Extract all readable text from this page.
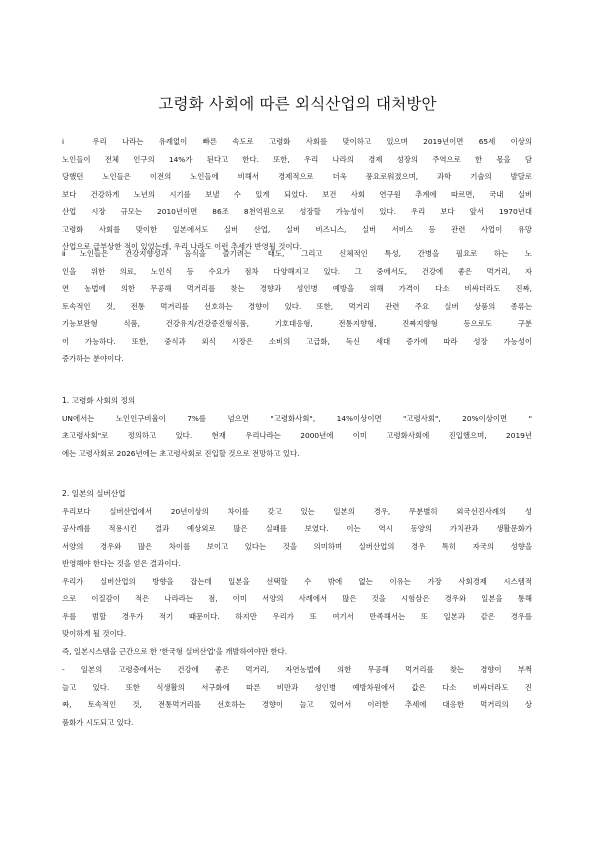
고령화 사회에 따른 외식산업의 대처방안
ⅰ 우리 나라는 유례없이 빠른 속도로 고령화 사회를 맞이하고 있으며 2019년이면 65세 이상의
노인들이 전체 인구의 14%가 된다고 한다. 또한, 우리 나라의 경제 성장의 주역으로 한 몫을 담
당했던 노인들은 이전의 노인들에 비해서 경제적으로 더욱 풍요로워졌으며, 과학 기술의 발달로
보다 건강하게 노년의 시기를 보낼 수 있게 되었다. 보건 사회 연구원 추계에 따르면, 국내 실버
산업 시장 규모는 2010년이면 86조 8천억원으로 성장할 가능성이 있다. 우리 보다 앞서 1970년대
고령화 사회를 맞이한 일본에서도 실버 산업, 실버 비즈니스, 실버 서비스 등 관련 사업이 유망
산업으로 급부상한 적이 있었는데, 우리 나라도 이런 추세가 반영될 것이다.
ⅱ노인들은 건강지향성과 음식을 즐기려는 태도, 그리고 신체적인 특성, 간병을 필요로 하는 노
인을 위한 의료, 노인식 등 수요가 점차 다양해지고 있다. 그 중에서도, 건강에 좋은 먹거리, 자
연 농법에 의한 무공해 먹거리를 찾는 경향과 성인병 예방을 위해 가격이 다소 비싸더라도 진짜,
토속적인 것, 전통 먹거리를 선호하는 경향이 있다. 또한, 먹거리 관련 주요 실버 상품의 종류는
기능보완형 식품, 건강유지/건강증진형식품, 기호대응형, 전통지향형, 진짜지향형 등으로도 구분
이 가능하다. 또한, 중식과 외식 시장은 소비의 고급화, 독신 세대 증가에 따라 성장 가능성이
증가하는 분야이다.
1. 고령화 사회의 정의
UN에서는 노인인구비율이 7%를 넘으면 "고령화사회", 14%이상이면 "고령사회", 20%이상이면 "
초고령사회"로 정의하고 있다. 현재 우리나라는 2000년에 이미 고령화사회에 진입했으며, 2019년
에는 고령사회로 2026년에는 초고령사회로 진입할 것으로 전망하고 있다.
2. 일본의 실버산업
우리보다 실버산업에서 20년이상의 차이를 갖고 있는 일본의 경우, 무분별히 외국선진사례의 성
공사례를 적용시킨 결과 예상외로 많은 실패를 보였다. 이는 역시 동양의 가치관과 생활문화가
서양의 경우와 많은 차이를 보이고 있다는 것을 의미하며 실버산업의 경우 특히 자국의 성향을
반영해야 한다는 것을 얻은 결과이다.
우리가 실버산업의 방향을 잡는데 일본을 선택할 수 밖에 없는 이유는 가장 사회경제 시스템적
으로 이질감이 적은 나라라는 점, 이미 서양의 사례에서 많은 것을 시험삼은 경우와 일본을 통해
우를 범할 경우가 적기 때문이다. 하지만 우리가 또 여기서 만족해서는 또 일본과 같은 경우를
맞이하게 될 것이다.
즉, 일본시스템을 근간으로 한 '한국형 실버산업'을 개발하여야만 한다.
- 일본의 고령층에서는 건강에 좋은 먹거리, 자연농법에 의한 무공해 먹거리를 찾는 경향이 부쩍
늘고 있다. 또한 식생활의 서구화에 따른 비만과 성인병 예방차원에서 값은 다소 비싸더라도 진
짜, 토속적인 것, 전통먹거리를 선호하는 경향이 늘고 있어서 이러한 추세에 대응한 먹거리의 상
품화가 시도되고 있다.
